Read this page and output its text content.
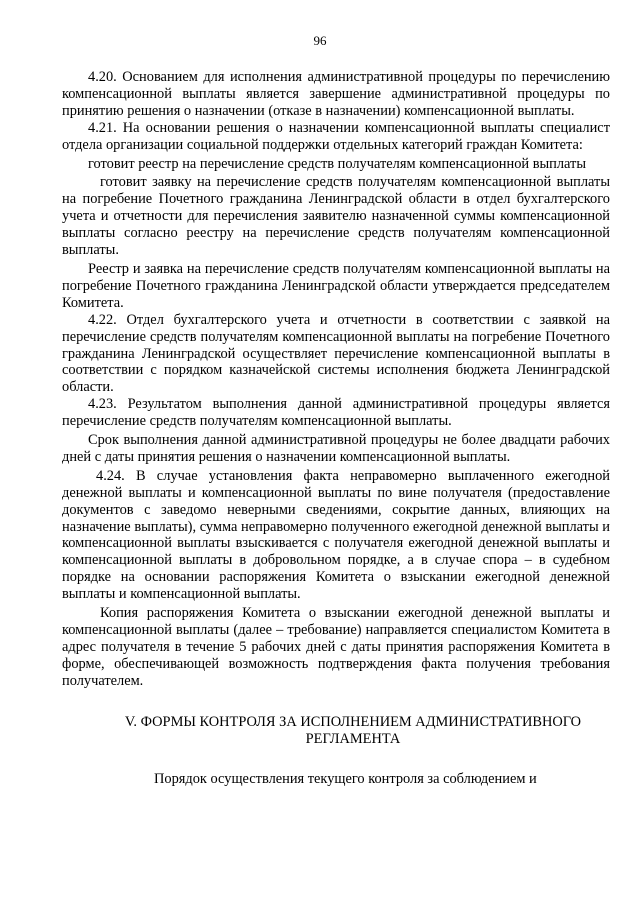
96

4.20. Основанием для исполнения административной процедуры по перечислению компенсационной выплаты является завершение административной процедуры по принятию решения о назначении (отказе в назначении) компенсационной выплаты.

4.21. На основании решения о назначении компенсационной выплаты специалист отдела организации социальной поддержки отдельных категорий граждан Комитета:

готовит реестр на перечисление средств получателям компенсационной выплаты

готовит заявку на перечисление средств получателям компенсационной выплаты на погребение Почетного гражданина Ленинградской области в отдел бухгалтерского учета и отчетности для перечисления заявителю назначенной суммы компенсационной выплаты согласно реестру на перечисление средств получателям компенсационной выплаты.

Реестр и заявка на перечисление средств получателям компенсационной выплаты на погребение Почетного гражданина Ленинградской области утверждается председателем Комитета.

4.22. Отдел бухгалтерского учета и отчетности в соответствии с заявкой на перечисление средств получателям компенсационной выплаты на погребение Почетного гражданина Ленинградской осуществляет перечисление компенсационной выплаты в соответствии с порядком казначейской системы исполнения бюджета Ленинградской области.

4.23. Результатом выполнения данной административной процедуры является перечисление средств получателям компенсационной выплаты.

Срок выполнения данной административной процедуры не более двадцати рабочих дней с даты принятия решения о назначении компенсационной выплаты.

4.24. В случае установления факта неправомерно выплаченного ежегодной денежной выплаты и компенсационной выплаты по вине получателя (предоставление документов с заведомо неверными сведениями, сокрытие данных, влияющих на назначение выплаты), сумма неправомерно полученного ежегодной денежной выплаты и компенсационной выплаты взыскивается с получателя ежегодной денежной выплаты и компенсационной выплаты в добровольном порядке, а в случае спора – в судебном порядке на основании распоряжения Комитета о взыскании ежегодной денежной выплаты и компенсационной выплаты.

Копия распоряжения Комитета о взыскании ежегодной денежной выплаты и компенсационной выплаты (далее – требование) направляется специалистом Комитета в адрес получателя в течение 5 рабочих дней с даты принятия распоряжения Комитета в форме, обеспечивающей возможность подтверждения факта получения требования получателем.

V. ФОРМЫ КОНТРОЛЯ ЗА ИСПОЛНЕНИЕМ АДМИНИСТРАТИВНОГО РЕГЛАМЕНТА

Порядок осуществления текущего контроля за соблюдением и
